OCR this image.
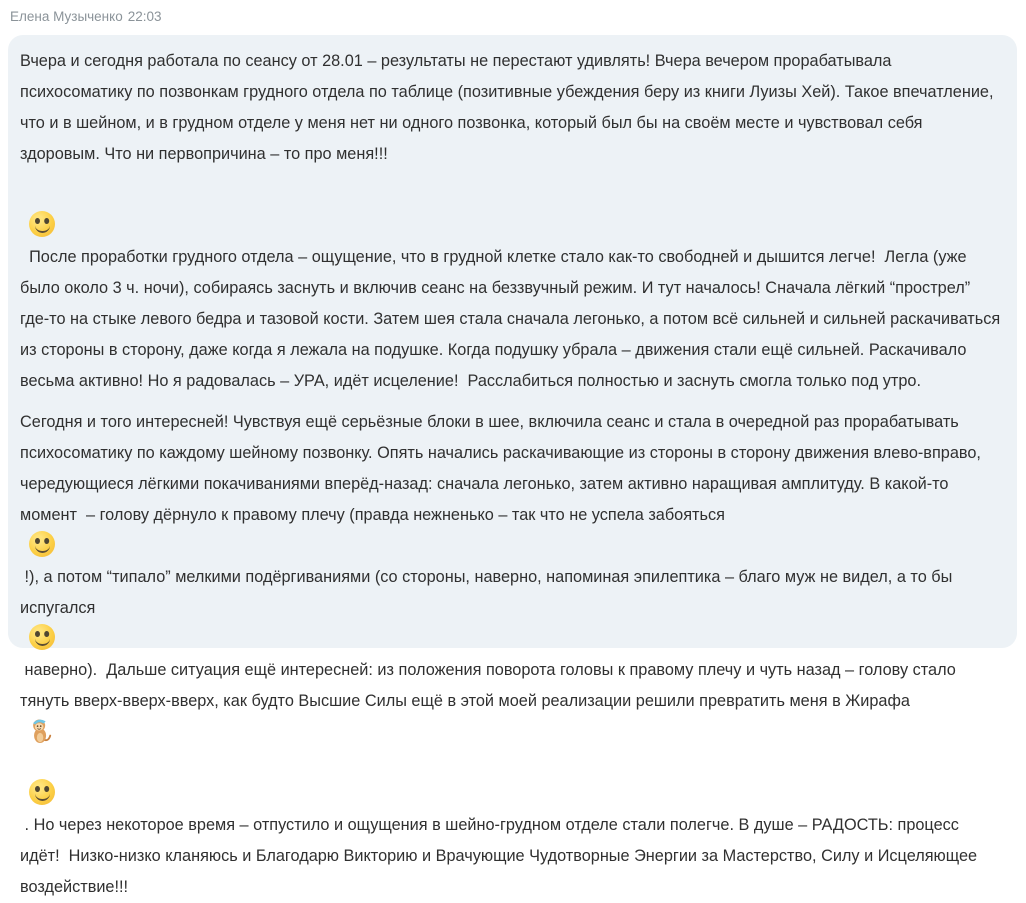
Елена Музыченко 22:03

Вчера и сегодня работала по сеансу от 28.01 – результаты не перестают удивлять! Вчера вечером прорабатывала психосоматику по позвонкам грудного отдела по таблице (позитивные убеждения беру из книги Луизы Хей). Такое впечатление, что и в шейном, и в грудном отделе у меня нет ни одного позвонка, который был бы на своём месте и чувствовал себя здоровым. Что ни первопричина – то про меня!!!

После проработки грудного отдела – ощущение, что в грудной клетке стало как-то свободней и дышится легче!  Легла (уже было около 3 ч. ночи), собираясь заснуть и включив сеанс на беззвучный режим. И тут началось! Сначала лёгкий “прострел” где-то на стыке левого бедра и тазовой кости. Затем шея стала сначала легонько, а потом всё сильней и сильней раскачиваться из стороны в сторону, даже когда я лежала на подушке. Когда подушку убрала – движения стали ещё сильней. Раскачивало весьма активно! Но я радовалась – УРА, идёт исцеление!  Расслабиться полностью и заснуть смогла только под утро.

Сегодня и того интересней! Чувствуя ещё серьёзные блоки в шее, включила сеанс и стала в очередной раз прорабатывать психосоматику по каждому шейному позвонку. Опять начались раскачивающие из стороны в сторону движения влево-вправо, чередующиеся лёгкими покачиваниями вперёд-назад: сначала легонько, затем активно наращивая амплитуду. В какой-то момент  – голову дёрнуло к правому плечу (правда нежненько – так что не успела забояться

!), а потом “типало” мелкими подёргиваниями (со стороны, наверно, напоминая эпилептика – благо муж не видел, а то бы испугался

наверно).  Дальше ситуация ещё интересней: из положения поворота головы к правому плечу и чуть назад – голову стало тянуть вверх-вверх-вверх, как будто Высшие Силы ещё в этой моей реализации решили превратить меня в Жирафа

. Но через некоторое время – отпустило и ощущения в шейно-грудном отделе стали полегче. В душе – РАДОСТЬ: процесс идёт!  Низко-низко кланяюсь и Благодарю Викторию и Врачующие Чудотворные Энергии за Мастерство, Силу и Исцеляющее воздействие!!!
